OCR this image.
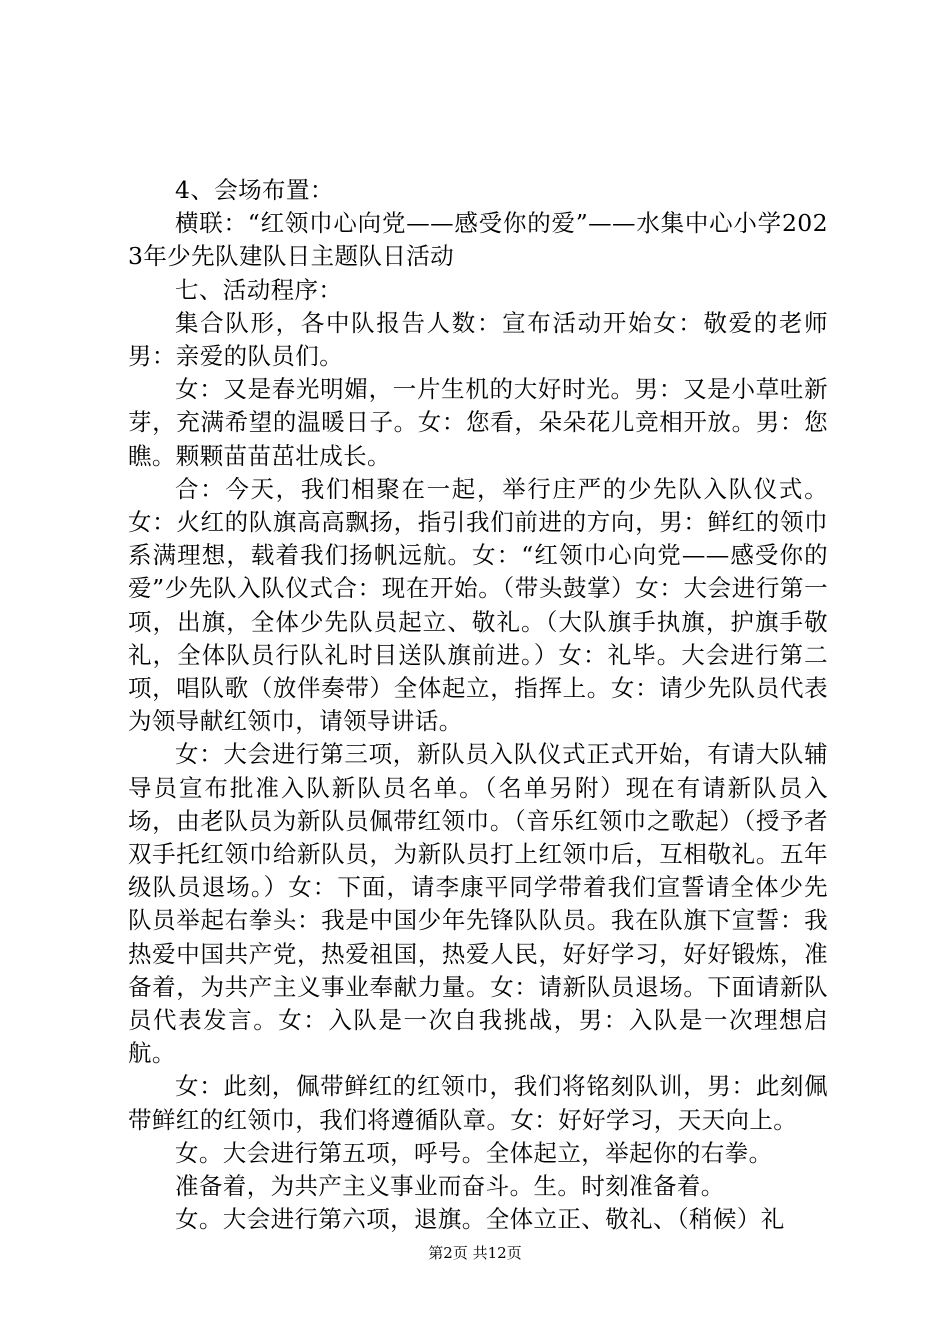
4、会场布置：

横联：“红领巾心向党——感受你的爱”——水集中心小学2023年少先队建队日主题队日活动

七、活动程序：

集合队形，各中队报告人数：宣布活动开始女：敬爱的老师男：亲爱的队员们。

女：又是春光明媚，一片生机的大好时光。男：又是小草吐新芽，充满希望的温暖日子。女：您看，朵朵花儿竞相开放。男：您瞧。颗颗苗苗茁壮成长。

合：今天，我们相聚在一起，举行庄严的少先队入队仪式。女：火红的队旗高高飘扬，指引我们前进的方向，男：鲜红的领巾系满理想，载着我们扬帆远航。女：“红领巾心向党——感受你的爱”少先队入队仪式合：现在开始。（带头鼓掌）女：大会进行第一项，出旗，全体少先队员起立、敬礼。（大队旗手执旗，护旗手敬礼，全体队员行队礼时目送队旗前进。）女：礼毕。大会进行第二项，唱队歌（放伴奏带）全体起立，指挥上。女：请少先队员代表为领导献红领巾，请领导讲话。

女：大会进行第三项，新队员入队仪式正式开始，有请大队辅导员宣布批准入队新队员名单。（名单另附）现在有请新队员入场，由老队员为新队员佩带红领巾。（音乐红领巾之歌起）（授予者双手托红领巾给新队员，为新队员打上红领巾后，互相敬礼。五年级队员退场。）女：下面，请李康平同学带着我们宣誓请全体少先队员举起右拳头：我是中国少年先锋队队员。我在队旗下宣誓：我热爱中国共产党，热爱祖国，热爱人民，好好学习，好好锻炼，准备着，为共产主义事业奉献力量。女：请新队员退场。下面请新队员代表发言。女：入队是一次自我挑战，男：入队是一次理想启航。

女：此刻，佩带鲜红的红领巾，我们将铭刻队训，男：此刻佩带鲜红的红领巾，我们将遵循队章。女：好好学习，天天向上。

女。大会进行第五项，呼号。全体起立，举起你的右拳。

准备着，为共产主义事业而奋斗。生。时刻准备着。

女。大会进行第六项，退旗。全体立正、敬礼、（稍候）礼

第2页 共12页
